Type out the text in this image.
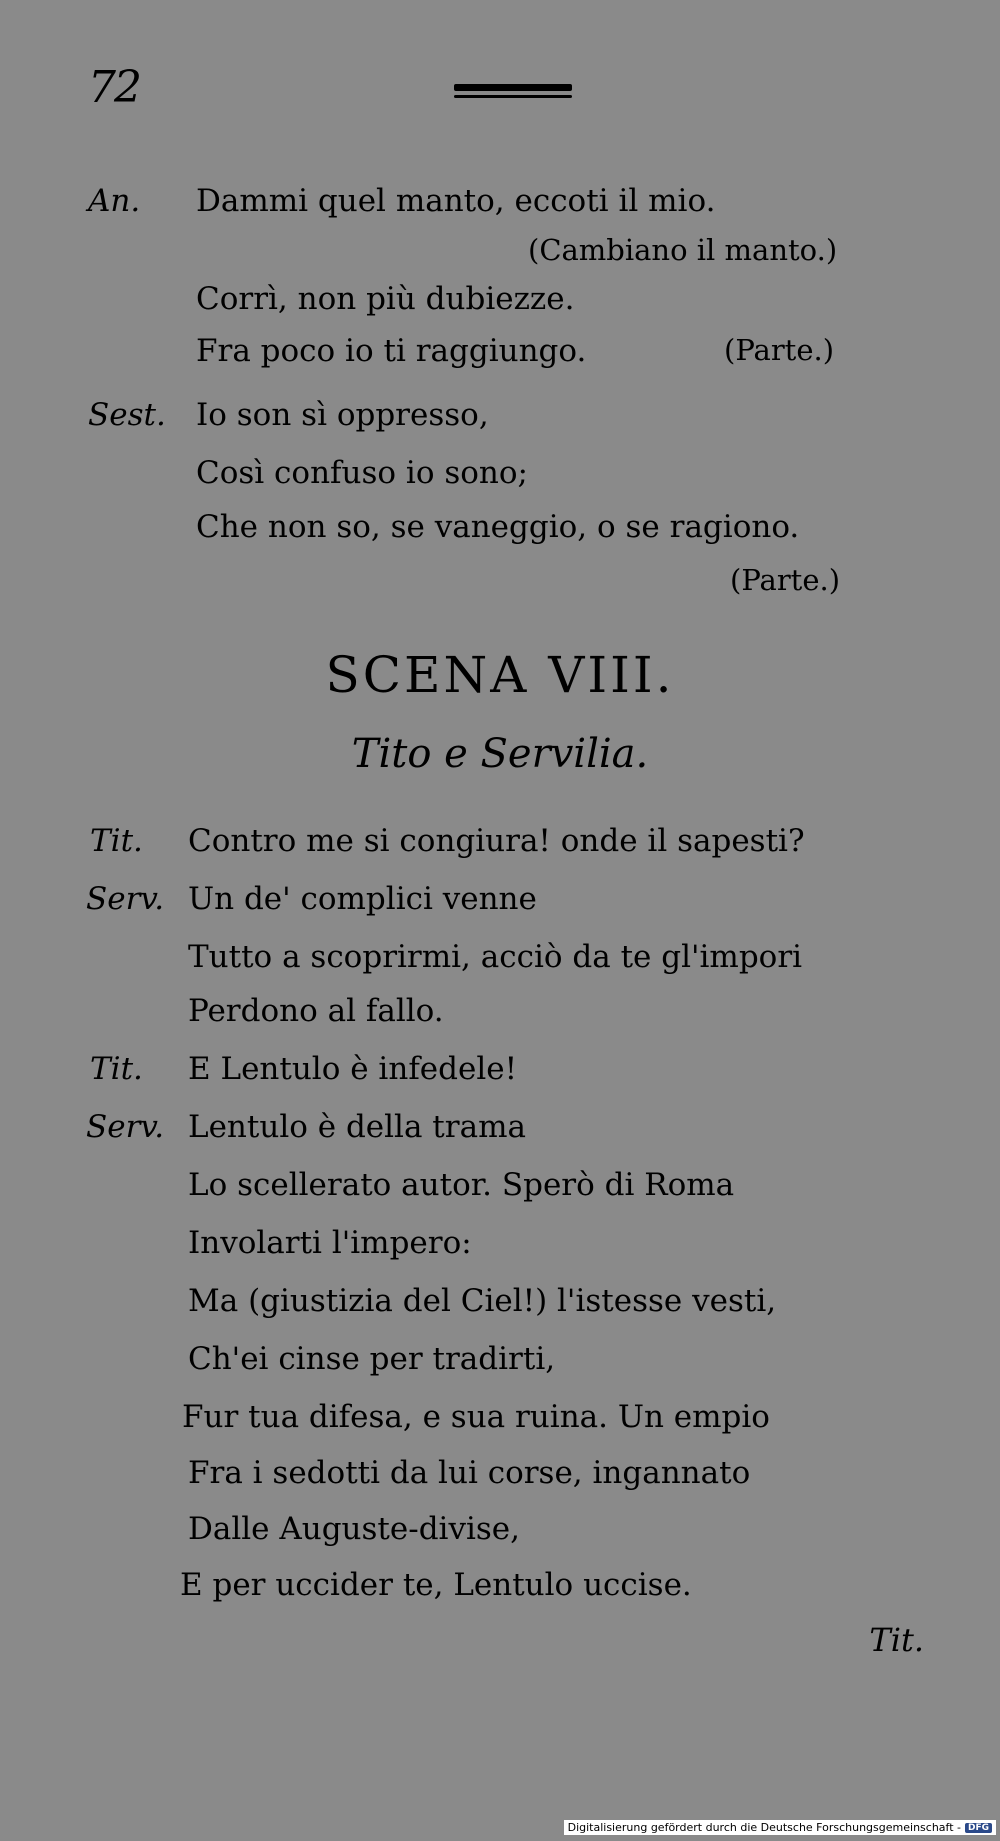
72
An. Dammi quel manto, eccoti il mio.
(Cambiano il manto.)
Corrì, non più dubiezze.
Fra poco io ti raggiungo.	(Parte.)
Sest. Io son sì oppresso,
Così confuso io sono;
Che non so, se vaneggio, o se ragiono.
(Parte.)
SCENA VIII.
Tito e Servilia.
Tit. Contro me si congiura! onde il sapesti?
Serv. Un de' complici venne
Tutto a scoprirmi, acciò da te gl'impori
Perdono al fallo.
Tit. E Lentulo è infedele!
Serv. Lentulo è della trama
Lo scellerato autor. Sperò di Roma
Involarti l'impero:
Ma (giustizia del Ciel!) l'istesse vesti,
Ch'ei cinse per tradirti,
Fur tua difesa, e sua ruina. Un empio
Fra i sedotti da lui corse, ingannato
Dalle Auguste-divise,
E per uccider te, Lentulo uccise.
Tit.
Digitalisierung gefördert durch die Deutsche Forschungsgemeinschaft - DFG
